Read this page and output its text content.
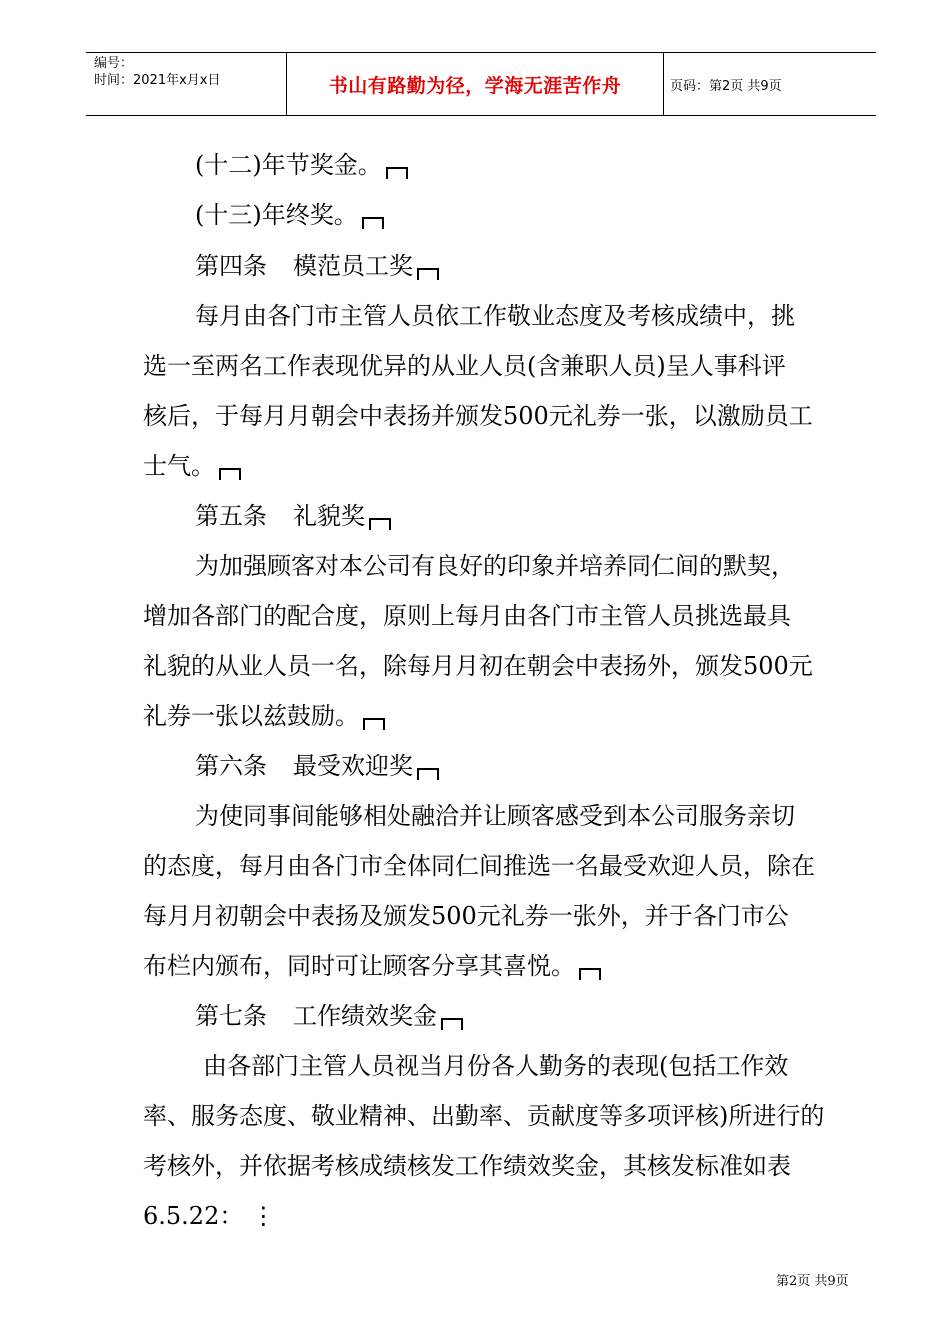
编号：
时间：2021年x月x日	书山有路勤为径，学海无涯苦作舟	页码：第2页 共9页
(十二)年节奖金。
(十三)年终奖。
第四条 模范员工奖
每月由各门市主管人员依工作敬业态度及考核成绩中，挑
选一至两名工作表现优异的从业人员(含兼职人员)呈人事科评
核后，于每月月朝会中表扬并颁发500元礼券一张，以激励员工
士气。
第五条 礼貌奖
为加强顾客对本公司有良好的印象并培养同仁间的默契，
增加各部门的配合度，原则上每月由各门市主管人员挑选最具
礼貌的从业人员一名，除每月月初在朝会中表扬外，颁发500元
礼券一张以兹鼓励。
第六条 最受欢迎奖
为使同事间能够相处融洽并让顾客感受到本公司服务亲切
的态度，每月由各门市全体同仁间推选一名最受欢迎人员，除在
每月月初朝会中表扬及颁发500元礼券一张外，并于各门市公
布栏内颁布，同时可让顾客分享其喜悦。
第七条 工作绩效奖金
由各部门主管人员视当月份各人勤务的表现(包括工作效
率、服务态度、敬业精神、出勤率、贡献度等多项评核)所进行的
考核外，并依据考核成绩核发工作绩效奖金，其核发标准如表
6.5.22： ⋮
第2页 共9页
